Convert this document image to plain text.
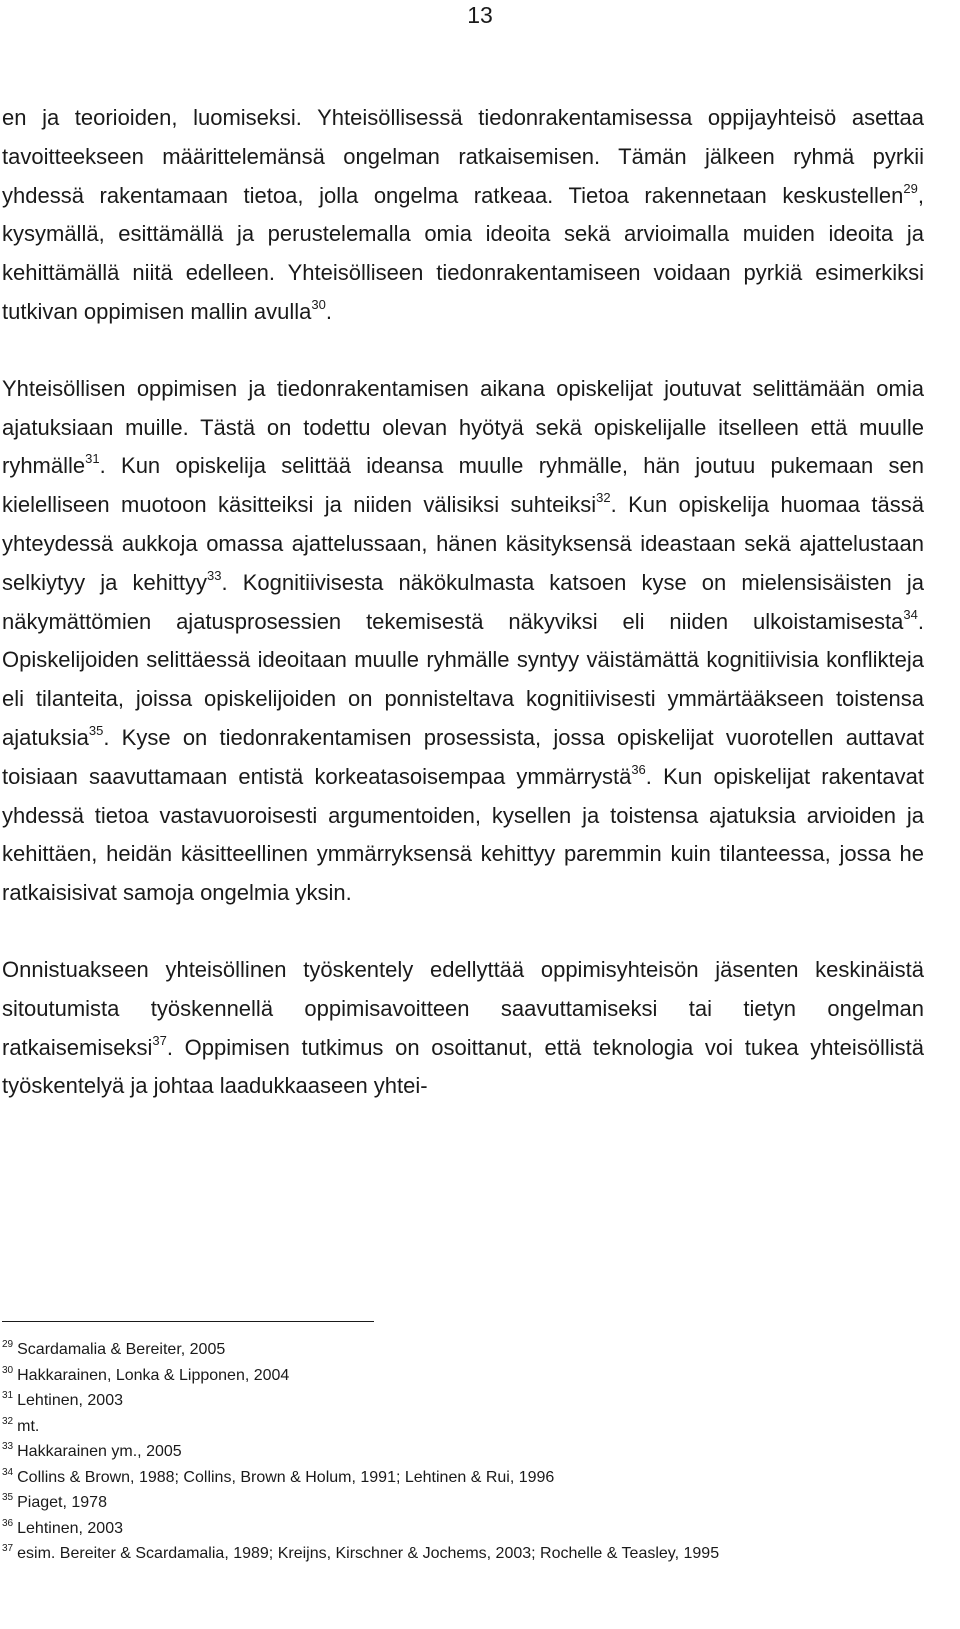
13

en ja teorioiden, luomiseksi. Yhteisöllisessä tiedonrakentamisessa oppijayhteisö asettaa tavoitteekseen määrittelemänsä ongelman ratkaisemisen. Tämän jälkeen ryhmä pyrkii yhdessä rakentamaan tietoa, jolla ongelma ratkeaa. Tietoa rakennetaan keskustellen$^{29}$, kysymällä, esittämällä ja perustelemalla omia ideoita sekä arvioimalla muiden ideoita ja kehittämällä niitä edelleen. Yhteisölliseen tiedonrakentamiseen voidaan pyrkiä esimerkiksi tutkivan oppimisen mallin avulla$^{30}$.

Yhteisöllisen oppimisen ja tiedonrakentamisen aikana opiskelijat joutuvat selittämään omia ajatuksiaan muille. Tästä on todettu olevan hyötyä sekä opiskelijalle itselleen että muulle ryhmälle$^{31}$. Kun opiskelija selittää ideansa muulle ryhmälle, hän joutuu pukemaan sen kielelliseen muotoon käsitteiksi ja niiden välisiksi suhteiksi$^{32}$. Kun opiskelija huomaa tässä yhteydessä aukkoja omassa ajattelussaan, hänen käsityksensä ideastaan sekä ajattelustaan selkiytyy ja kehittyy$^{33}$. Kognitiivisesta näkökulmasta katsoen kyse on mielensisäisten ja näkymättömien ajatusprosessien tekemisestä näkyviksi eli niiden ulkoistamisesta$^{34}$. Opiskelijoiden selittäessä ideoitaan muulle ryhmälle syntyy väistämättä kognitiivisia konflikteja eli tilanteita, joissa opiskelijoiden on ponnisteltava kognitiivisesti ymmärtääkseen toistensa ajatuksia$^{35}$. Kyse on tiedonrakentamisen prosessista, jossa opiskelijat vuorotellen auttavat toisiaan saavuttamaan entistä korkeatasoisempaa ymmärrystä$^{36}$. Kun opiskelijat rakentavat yhdessä tietoa vastavuoroisesti argumentoiden, kysellen ja toistensa ajatuksia arvioiden ja kehittäen, heidän käsitteellinen ymmärryksensä kehittyy paremmin kuin tilanteessa, jossa he ratkaisisivat samoja ongelmia yksin.

Onnistuakseen yhteisöllinen työskentely edellyttää oppimisyhteisön jäsenten keskinäistä sitoutumista työskennellä oppimisavoitteen saavuttamiseksi tai tietyn ongelman ratkaisemiseksi$^{37}$. Oppimisen tutkimus on osoittanut, että teknologia voi tukea yhteisöllistä työskentelyä ja johtaa laadukkaaseen yhtei-

$^{29}$ Scardamalia & Bereiter, 2005
$^{30}$ Hakkarainen, Lonka & Lipponen, 2004
$^{31}$ Lehtinen, 2003
$^{32}$ mt.
$^{33}$ Hakkarainen ym., 2005
$^{34}$ Collins & Brown, 1988; Collins, Brown & Holum, 1991; Lehtinen & Rui, 1996
$^{35}$ Piaget, 1978
$^{36}$ Lehtinen, 2003
$^{37}$ esim. Bereiter & Scardamalia, 1989; Kreijns, Kirschner & Jochems, 2003; Rochelle & Teasley, 1995
